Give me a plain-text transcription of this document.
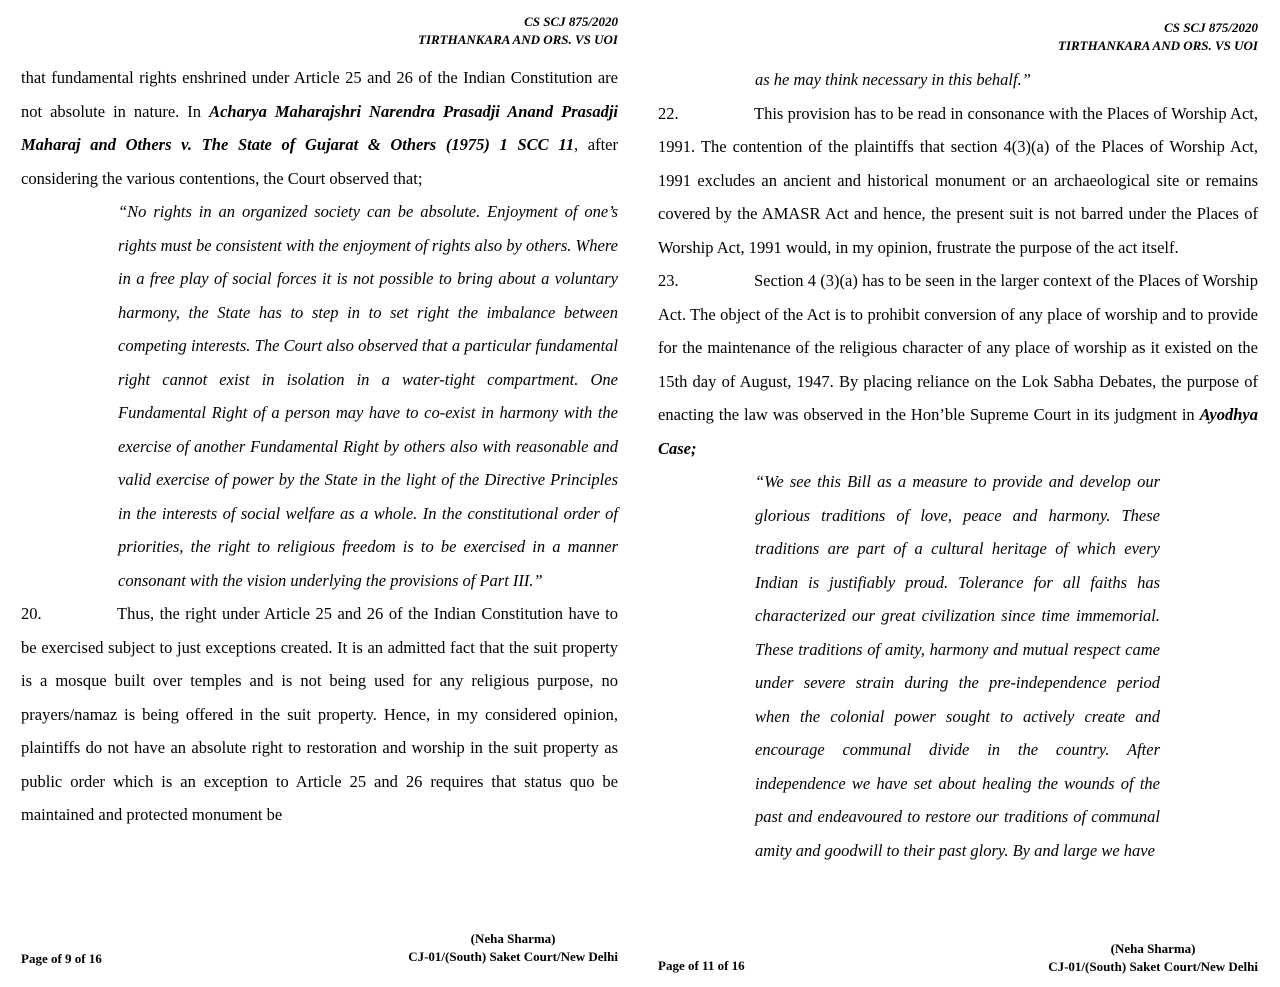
CS SCJ 875/2020
TIRTHANKARA AND ORS. VS UOI
that fundamental rights enshrined under Article 25 and 26 of the Indian Constitution are not absolute in nature. In Acharya Maharajshri Narendra Prasadji Anand Prasadji Maharaj and Others v. The State of Gujarat & Others (1975) 1 SCC 11, after considering the various contentions, the Court observed that;
“No rights in an organized society can be absolute. Enjoyment of one’s rights must be consistent with the enjoyment of rights also by others. Where in a free play of social forces it is not possible to bring about a voluntary harmony, the State has to step in to set right the imbalance between competing interests. The Court also observed that a particular fundamental right cannot exist in isolation in a water-tight compartment. One Fundamental Right of a person may have to co-exist in harmony with the exercise of another Fundamental Right by others also with reasonable and valid exercise of power by the State in the light of the Directive Principles in the interests of social welfare as a whole. In the constitutional order of priorities, the right to religious freedom is to be exercised in a manner consonant with the vision underlying the provisions of Part III.”
20.	Thus, the right under Article 25 and 26 of the Indian Constitution have to be exercised subject to just exceptions created. It is an admitted fact that the suit property is a mosque built over temples and is not being used for any religious purpose, no prayers/namaz is being offered in the suit property. Hence, in my considered opinion, plaintiffs do not have an absolute right to restoration and worship in the suit property as public order which is an exception to Article 25 and 26 requires that status quo be maintained and protected monument be
(Neha Sharma)
CJ-01/(South) Saket Court/New Delhi
Page of 9 of 16
CS SCJ 875/2020
TIRTHANKARA AND ORS. VS UOI
as he may think necessary in this behalf.”
22.	This provision has to be read in consonance with the Places of Worship Act, 1991. The contention of the plaintiffs that section 4(3)(a) of the Places of Worship Act, 1991 excludes an ancient and historical monument or an archaeological site or remains covered by the AMASR Act and hence, the present suit is not barred under the Places of Worship Act, 1991 would, in my opinion, frustrate the purpose of the act itself.
23.	Section 4 (3)(a) has to be seen in the larger context of the Places of Worship Act. The object of the Act is to prohibit conversion of any place of worship and to provide for the maintenance of the religious character of any place of worship as it existed on the 15th day of August, 1947. By placing reliance on the Lok Sabha Debates, the purpose of enacting the law was observed in the Hon’ble Supreme Court in its judgment in Ayodhya Case;
“We see this Bill as a measure to provide and develop our glorious traditions of love, peace and harmony. These traditions are part of a cultural heritage of which every Indian is justifiably proud. Tolerance for all faiths has characterized our great civilization since time immemorial. These traditions of amity, harmony and mutual respect came under severe strain during the pre-independence period when the colonial power sought to actively create and encourage communal divide in the country. After independence we have set about healing the wounds of the past and endeavoured to restore our traditions of communal amity and goodwill to their past glory. By and large we have
(Neha Sharma)
CJ-01/(South) Saket Court/New Delhi
Page of 11 of 16
